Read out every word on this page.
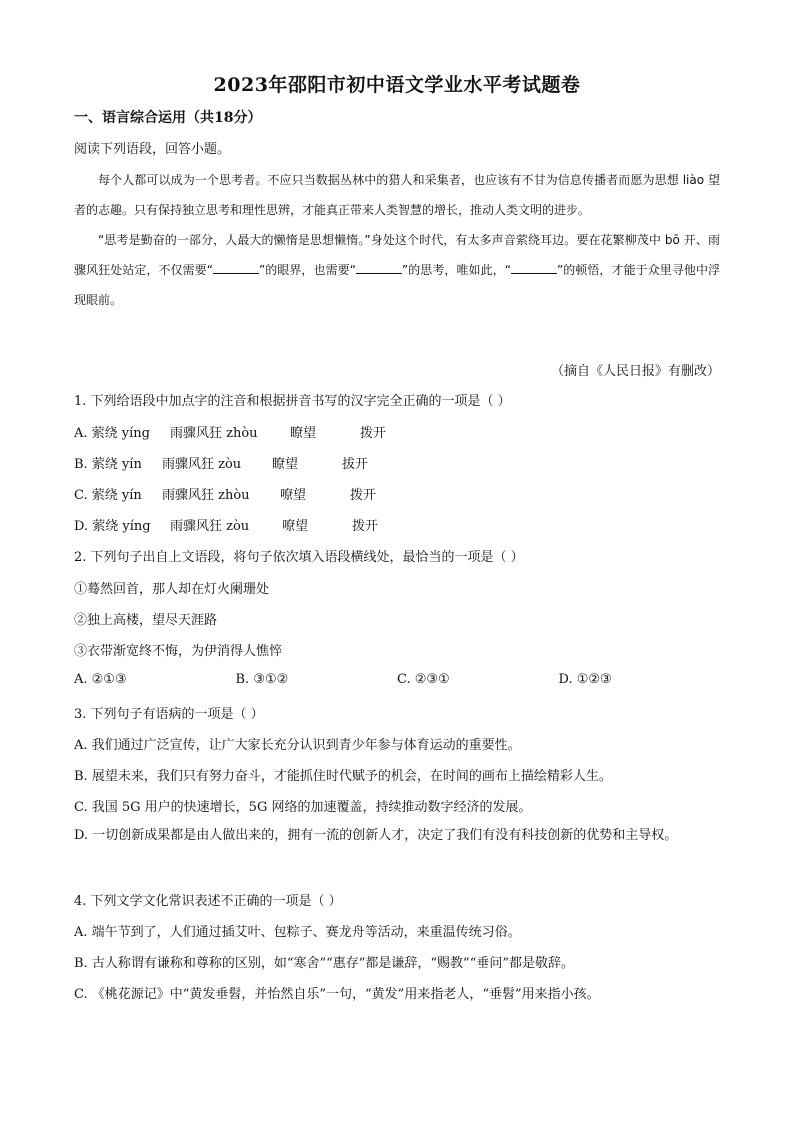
2023年邵阳市初中语文学业水平考试题卷
一、语言综合运用（共18分）
阅读下列语段，回答小题。

每个人都可以成为一个思考者。不应只当数据丛林中的猎人和采集者，也应该有不甘为信息传播者而愿为思想 liào 望者的志趣。只有保持独立思考和理性思辨，才能真正带来人类智慧的增长，推动人类文明的进步。

“思考是勤奋的一部分，人最大的懒惰是思想懒惰。”身处这个时代，有太多声音萦绕耳边。要在花繁柳茂中 bō 开、雨骤风狂处站定，不仅需要“	”的眼界，也需要“	”的思考，唯如此，“	”的顿悟，才能于众里寻他中浮现眼前。

（摘自《人民日报》有删改）
1. 下列给语段中加点字的注音和根据拼音书写的汉字完全正确的一项是（ ）
A. 萦绕 yíng 雨骤风狂 zhòu 瞭望	拨开
B. 萦绕 yín 雨骤风狂 zòu 瞭望	拔开
C. 萦绕 yín 雨骤风狂 zhòu 嘹望	拨开
D. 萦绕 yíng 雨骤风狂 zòu	嘹望	拨开
2. 下列句子出自上文语段，将句子依次填入语段横线处，最恰当的一项是（ ）
①蓦然回首，那人却在灯火阑珊处
②独上高楼，望尽天涯路
③衣带渐宽终不悔，为伊消得人憔悴
A. ②①③	B. ③①②	C. ②③①	D. ①②③
3. 下列句子有语病的一项是（ ）
A. 我们通过广泛宣传，让广大家长充分认识到青少年参与体育运动的重要性。
B. 展望未来，我们只有努力奋斗，才能抓住时代赋予的机会，在时间的画布上描绘精彩人生。
C. 我国 5G 用户的快速增长，5G 网络的加速覆盖，持续推动数字经济的发展。
D. 一切创新成果都是由人做出来的，拥有一流的创新人才，决定了我们有没有科技创新的优势和主导权。
4. 下列文学文化常识表述不正确的一项是（ ）
A. 端午节到了，人们通过插艾叶、包粽子、赛龙舟等活动，来重温传统习俗。
B. 古人称谓有谦称和尊称的区别，如“寒舍”“惠存”都是谦辞，“赐教”“垂问”都是敬辞。
C. 《桃花源记》中“黄发垂髫，并怡然自乐”一句，“黄发”用来指老人，“垂髫”用来指小孩。
